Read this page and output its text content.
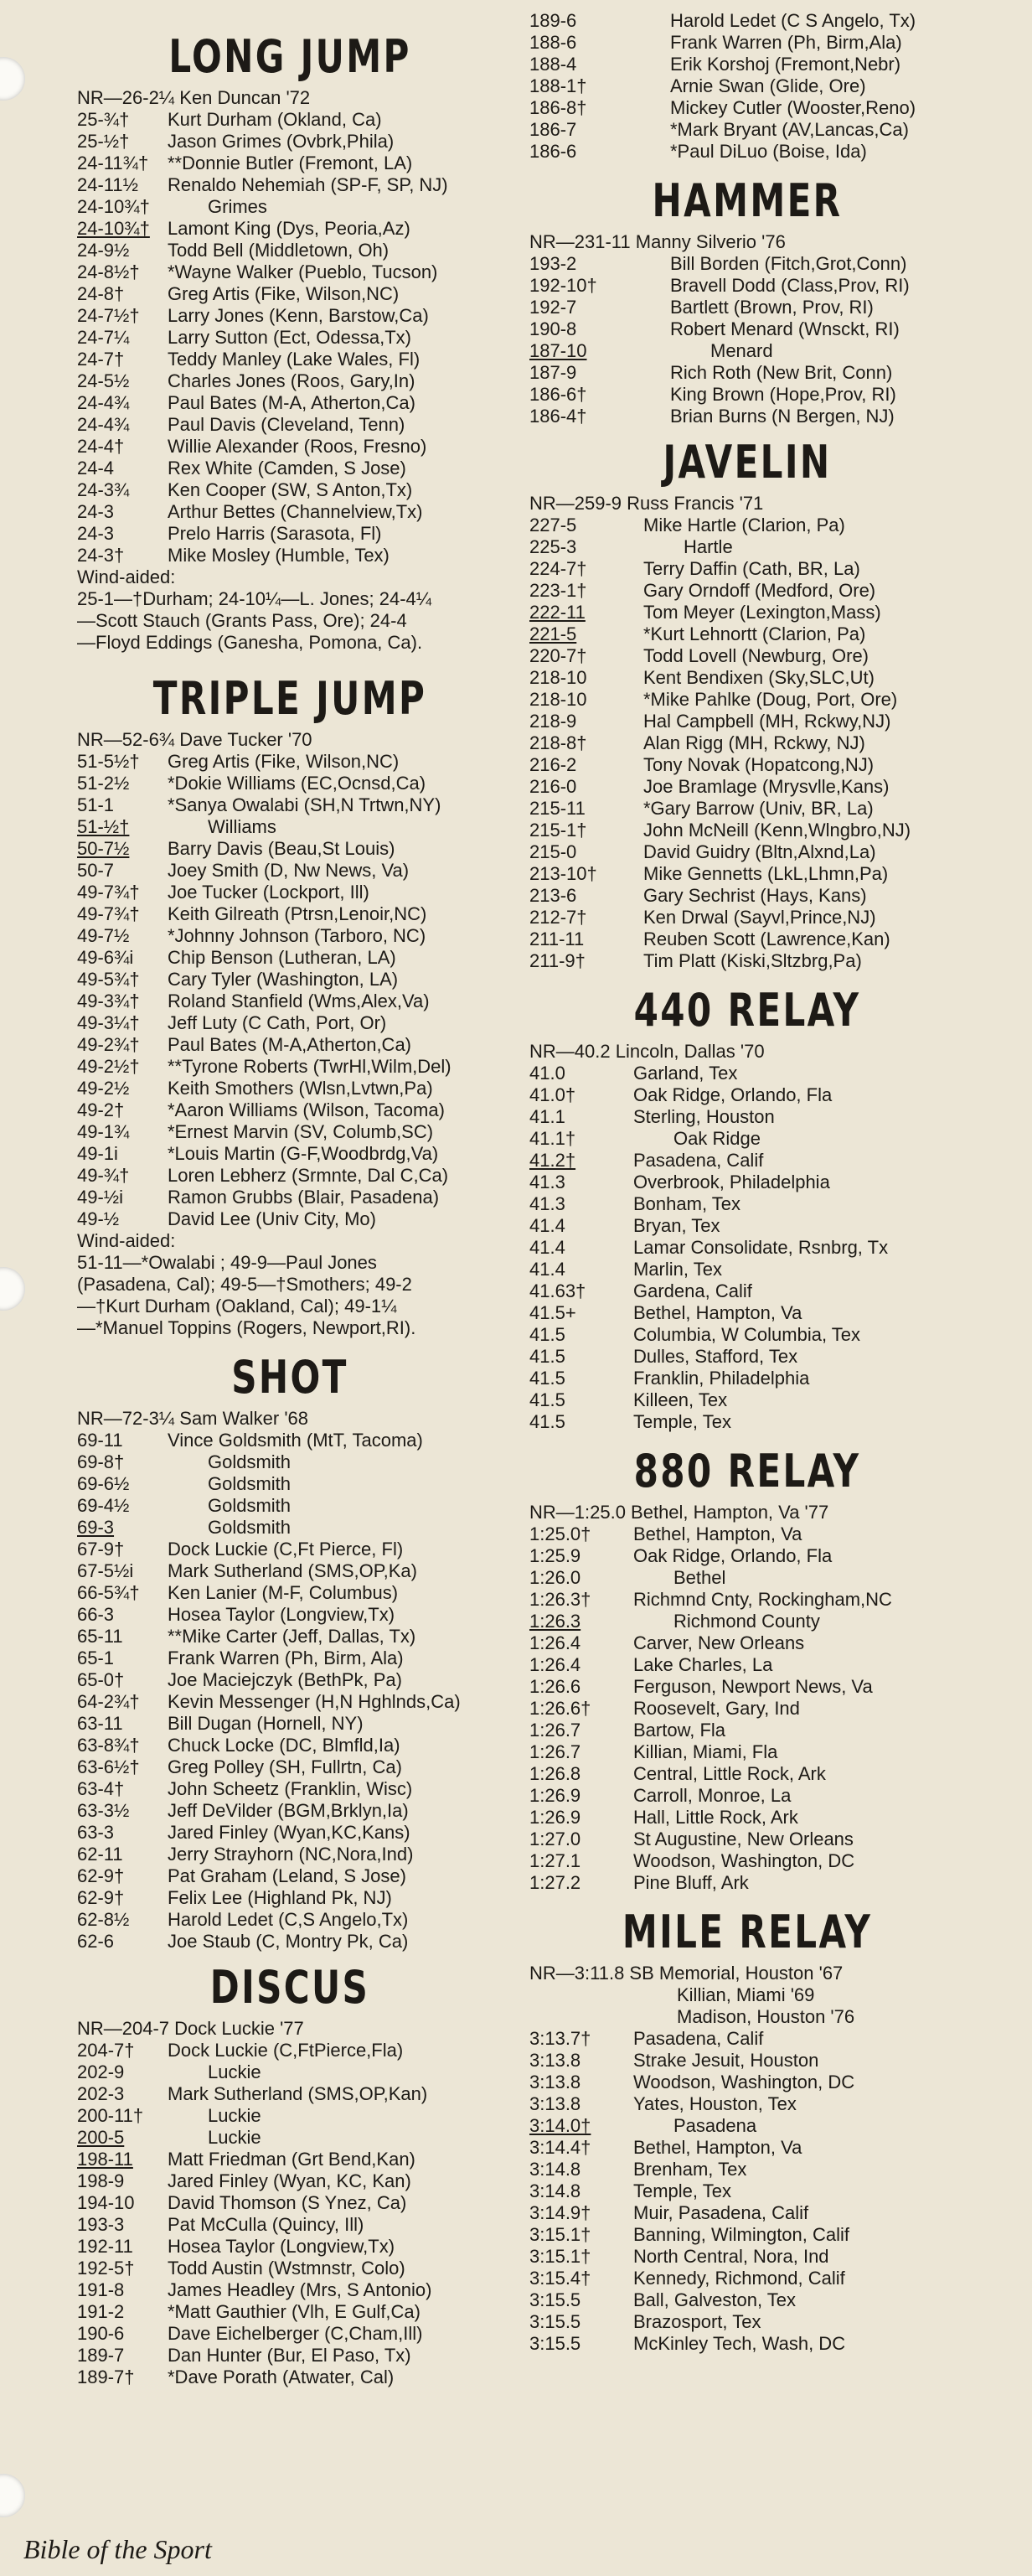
LONG JUMP
NR—26-2¼ Ken Duncan '72
25-¾†	Kurt Durham (Okland, Ca)
25-½†	Jason Grimes (Ovbrk,Phila)
24-11¾†	**Donnie Butler (Fremont, LA)
24-11½	Renaldo Nehemiah (SP-F, SP, NJ)
24-10¾†	Grimes
24-10¾† Lamont King (Dys, Peoria,Az)
24-9½	Todd Bell (Middletown, Oh)
24-8½†	*Wayne Walker (Pueblo, Tucson)
24-8†	Greg Artis (Fike, Wilson,NC)
24-7½†	Larry Jones (Kenn, Barstow,Ca)
24-7¼	Larry Sutton (Ect, Odessa,Tx)
24-7†	Teddy Manley (Lake Wales, Fl)
24-5½	Charles Jones (Roos, Gary,In)
24-4¾	Paul Bates (M-A, Atherton,Ca)
24-4¾	Paul Davis (Cleveland, Tenn)
24-4†	Willie Alexander (Roos, Fresno)
24-4	Rex White (Camden, S Jose)
24-3¾	Ken Cooper (SW, S Anton,Tx)
24-3	Arthur Bettes (Channelview,Tx)
24-3	Prelo Harris (Sarasota, Fl)
24-3†	Mike Mosley (Humble, Tex)
Wind-aided:
25-1—†Durham; 24-10¼—L. Jones; 24-4¼
—Scott Stauch (Grants Pass, Ore); 24-4
—Floyd Eddings (Ganesha, Pomona, Ca).
TRIPLE JUMP
NR—52-6¾ Dave Tucker '70
51-5½†	Greg Artis (Fike, Wilson,NC)
51-2½	*Dokie Williams (EC,Ocnsd,Ca)
51-1	*Sanya Owalabi (SH,N Trtwn,NY)
51-½†	Williams
50-7½	Barry Davis (Beau,St Louis)
50-7	Joey Smith (D, Nw News, Va)
49-7¾†	Joe Tucker (Lockport, Ill)
49-7¾†	Keith Gilreath (Ptrsn,Lenoir,NC)
49-7½	*Johnny Johnson (Tarboro, NC)
49-6¾i	Chip Benson (Lutheran, LA)
49-5¾†	Cary Tyler (Washington, LA)
49-3¾†	Roland Stanfield (Wms,Alex,Va)
49-3¼†	Jeff Luty (C Cath, Port, Or)
49-2¾†	Paul Bates (M-A,Atherton,Ca)
49-2½†	**Tyrone Roberts (TwrHl,Wilm,Del)
49-2½	Keith Smothers (Wlsn,Lvtwn,Pa)
49-2†	*Aaron Williams (Wilson, Tacoma)
49-1¾	*Ernest Marvin (SV, Columb,SC)
49-1i	*Louis Martin (G-F,Woodbrdg,Va)
49-¾†	Loren Lebherz (Srmnte, Dal C,Ca)
49-½i	Ramon Grubbs (Blair, Pasadena)
49-½	David Lee (Univ City, Mo)
Wind-aided:
51-11—*Owalabi ; 49-9—Paul Jones
(Pasadena, Cal); 49-5—†Smothers; 49-2
—†Kurt Durham (Oakland, Cal); 49-1¼
—*Manuel Toppins (Rogers, Newport,RI).
SHOT
NR—72-3¼ Sam Walker '68
69-11	Vince Goldsmith (MtT, Tacoma)
69-8†	Goldsmith
69-6½	Goldsmith
69-4½	Goldsmith
69-3	Goldsmith
67-9†	Dock Luckie (C,Ft Pierce, Fl)
67-5½i	Mark Sutherland (SMS,OP,Ka)
66-5¾†	Ken Lanier (M-F, Columbus)
66-3	Hosea Taylor (Longview,Tx)
65-11	**Mike Carter (Jeff, Dallas, Tx)
65-1	Frank Warren (Ph, Birm, Ala)
65-0†	Joe Maciejczyk (BethPk, Pa)
64-2¾†	Kevin Messenger (H,N Hghlnds,Ca)
63-11	Bill Dugan (Hornell, NY)
63-8¾†	Chuck Locke (DC, Blmfld,Ia)
63-6½†	Greg Polley (SH, Fullrtn, Ca)
63-4†	John Scheetz (Franklin, Wisc)
63-3½	Jeff DeVilder (BGM,Brklyn,Ia)
63-3	Jared Finley (Wyan,KC,Kans)
62-11	Jerry Strayhorn (NC,Nora,Ind)
62-9†	Pat Graham (Leland, S Jose)
62-9†	Felix Lee (Highland Pk, NJ)
62-8½	Harold Ledet (C,S Angelo,Tx)
62-6	Joe Staub (C, Montry Pk, Ca)
DISCUS
NR—204-7 Dock Luckie '77
204-7†	Dock Luckie (C,FtPierce,Fla)
202-9	Luckie
202-3	Mark Sutherland (SMS,OP,Kan)
200-11†	Luckie
200-5	Luckie
198-11	Matt Friedman (Grt Bend,Kan)
198-9	Jared Finley (Wyan, KC, Kan)
194-10	David Thomson (S Ynez, Ca)
193-3	Pat McCulla (Quincy, Ill)
192-11	Hosea Taylor (Longview,Tx)
192-5†	Todd Austin (Wstmnstr, Colo)
191-8	James Headley (Mrs, S Antonio)
191-2	*Matt Gauthier (Vlh, E Gulf,Ca)
190-6	Dave Eichelberger (C,Cham,Ill)
189-7	Dan Hunter (Bur, El Paso, Tx)
189-7†	*Dave Porath (Atwater, Cal)
189-6	Harold Ledet (C S Angelo, Tx)
188-6	Frank Warren (Ph, Birm,Ala)
188-4	Erik Korshoj (Fremont,Nebr)
188-1†	Arnie Swan (Glide, Ore)
186-8†	Mickey Cutler (Wooster,Reno)
186-7	*Mark Bryant (AV,Lancas,Ca)
186-6	*Paul DiLuo (Boise, Ida)
HAMMER
NR—231-11 Manny Silverio '76
193-2	Bill Borden (Fitch,Grot,Conn)
192-10†	Bravell Dodd (Class,Prov, RI)
192-7	Bartlett (Brown, Prov, RI)
190-8	Robert Menard (Wnsckt, RI)
187-10	Menard
187-9	Rich Roth (New Brit, Conn)
186-6†	King Brown (Hope,Prov, RI)
186-4†	Brian Burns (N Bergen, NJ)
JAVELIN
NR—259-9 Russ Francis '71
227-5	Mike Hartle (Clarion, Pa)
225-3	Hartle
224-7†	Terry Daffin (Cath, BR, La)
223-1†	Gary Orndoff (Medford, Ore)
222-11	Tom Meyer (Lexington,Mass)
221-5	*Kurt Lehnortt (Clarion, Pa)
220-7†	Todd Lovell (Newburg, Ore)
218-10	Kent Bendixen (Sky,SLC,Ut)
218-10	*Mike Pahlke (Doug, Port, Ore)
218-9	Hal Campbell (MH, Rckwy,NJ)
218-8†	Alan Rigg (MH, Rckwy, NJ)
216-2	Tony Novak (Hopatcong,NJ)
216-0	Joe Bramlage (Mrysvlle,Kans)
215-11	*Gary Barrow (Univ, BR, La)
215-1†	John McNeill (Kenn,Wlngbro,NJ)
215-0	David Guidry (Bltn,Alxnd,La)
213-10†	Mike Gennetts (LkL,Lhmn,Pa)
213-6	Gary Sechrist (Hays, Kans)
212-7†	Ken Drwal (Sayvl,Prince,NJ)
211-11	Reuben Scott (Lawrence,Kan)
211-9†	Tim Platt (Kiski,Sltzbrg,Pa)
440 RELAY
NR—40.2 Lincoln, Dallas '70
41.0	Garland, Tex
41.0†	Oak Ridge, Orlando, Fla
41.1	Sterling, Houston
41.1†	Oak Ridge
41.2†	Pasadena, Calif
41.3	Overbrook, Philadelphia
41.3	Bonham, Tex
41.4	Bryan, Tex
41.4	Lamar Consolidate, Rsnbrg, Tx
41.4	Marlin, Tex
41.63†	Gardena, Calif
41.5+	Bethel, Hampton, Va
41.5	Columbia, W Columbia, Tex
41.5	Dulles, Stafford, Tex
41.5	Franklin, Philadelphia
41.5	Killeen, Tex
41.5	Temple, Tex
880 RELAY
NR—1:25.0 Bethel, Hampton, Va '77
1:25.0†	Bethel, Hampton, Va
1:25.9	Oak Ridge, Orlando, Fla
1:26.0	Bethel
1:26.3†	Richmnd Cnty, Rockingham,NC
1:26.3	Richmond County
1:26.4	Carver, New Orleans
1:26.4	Lake Charles, La
1:26.6	Ferguson, Newport News, Va
1:26.6†	Roosevelt, Gary, Ind
1:26.7	Bartow, Fla
1:26.7	Killian, Miami, Fla
1:26.8	Central, Little Rock, Ark
1:26.9	Carroll, Monroe, La
1:26.9	Hall, Little Rock, Ark
1:27.0	St Augustine, New Orleans
1:27.1	Woodson, Washington, DC
1:27.2	Pine Bluff, Ark
MILE RELAY
NR—3:11.8 SB Memorial, Houston '67
Killian, Miami '69
Madison, Houston '76
3:13.7†	Pasadena, Calif
3:13.8	Strake Jesuit, Houston
3:13.8	Woodson, Washington, DC
3:13.8	Yates, Houston, Tex
3:14.0†	Pasadena
3:14.4†	Bethel, Hampton, Va
3:14.8	Brenham, Tex
3:14.8	Temple, Tex
3:14.9†	Muir, Pasadena, Calif
3:15.1†	Banning, Wilmington, Calif
3:15.1†	North Central, Nora, Ind
3:15.4†	Kennedy, Richmond, Calif
3:15.5	Ball, Galveston, Tex
3:15.5	Brazosport, Tex
3:15.5	McKinley Tech, Wash, DC
Bible of the Sport
